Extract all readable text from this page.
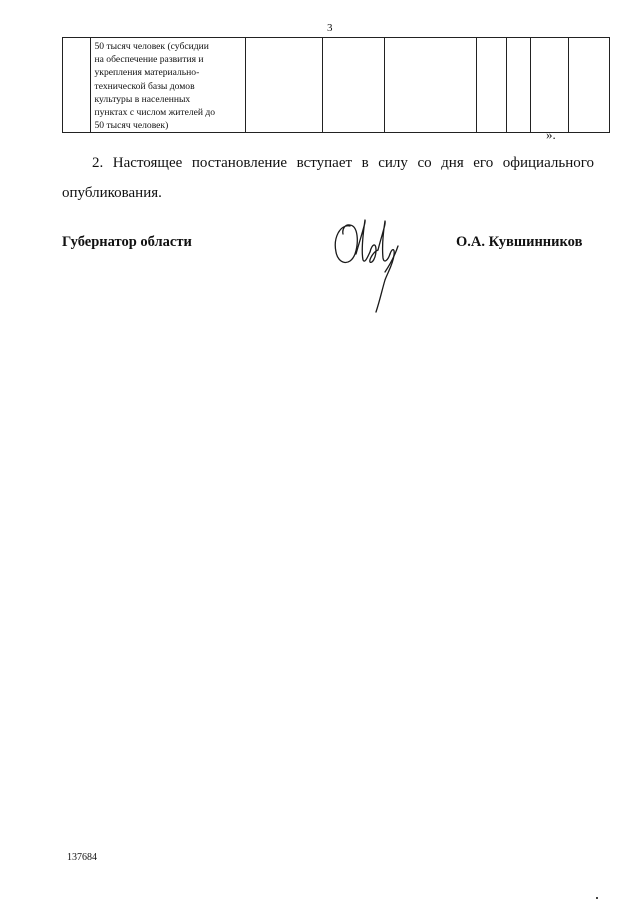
3

50 тысяч человек (субсидии
на обеспечение развития и
укрепления материально-
технической базы домов
культуры в населенных
пунктах с числом жителей до
50 тысяч человек)

».

2. Настоящее постановление вступает в силу со дня его официального опубликования.

Губернатор области	О.А. Кувшинников
137684
